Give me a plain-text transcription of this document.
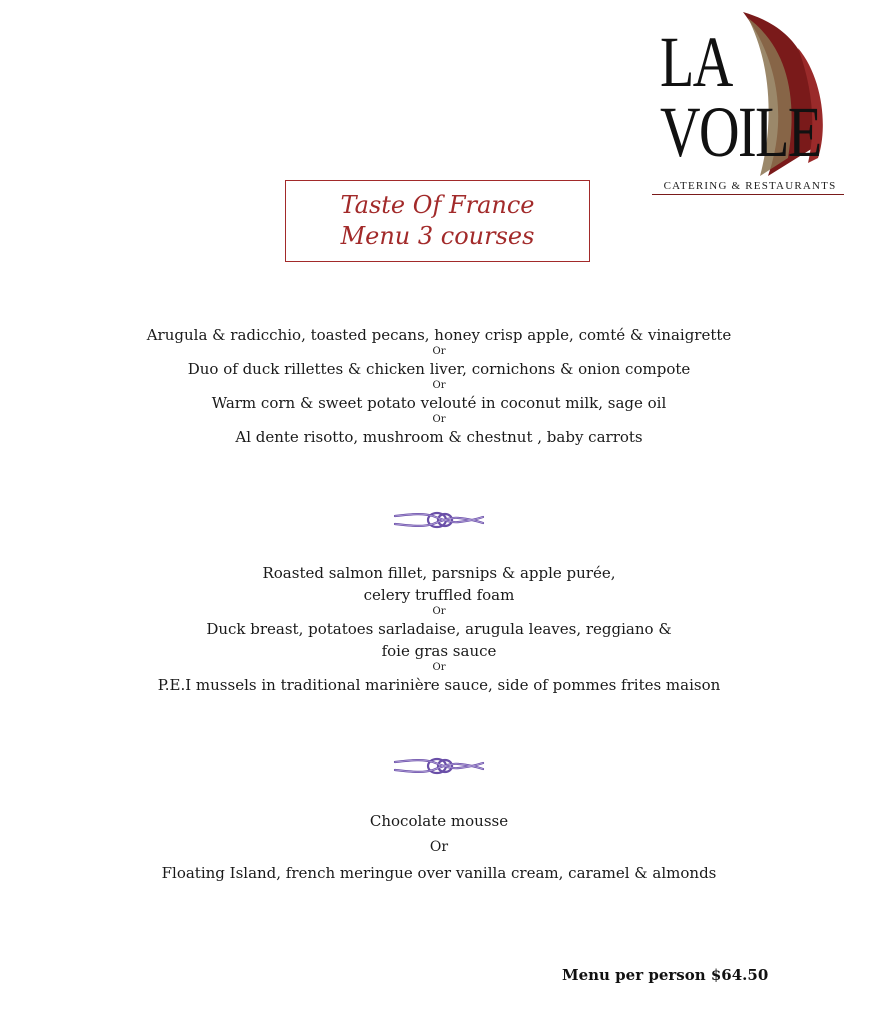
LA
VOILE
CATERING & RESTAURANTS
Taste Of France
Menu 3 courses
Arugula & radicchio, toasted pecans, honey crisp apple, comté & vinaigrette
Or
Duo of duck rillettes & chicken liver, cornichons & onion compote
Or
Warm corn & sweet potato velouté in coconut milk, sage oil
Or
Al dente risotto, mushroom & chestnut , baby carrots
Roasted salmon fillet, parsnips & apple purée,
celery truffled foam
Or
Duck breast, potatoes sarladaise, arugula leaves, reggiano &
foie gras sauce
Or
P.E.I mussels in traditional marinière sauce, side of pommes frites maison
Chocolate mousse
Or
Floating Island, french meringue over vanilla cream, caramel & almonds
Menu per person $64.50
